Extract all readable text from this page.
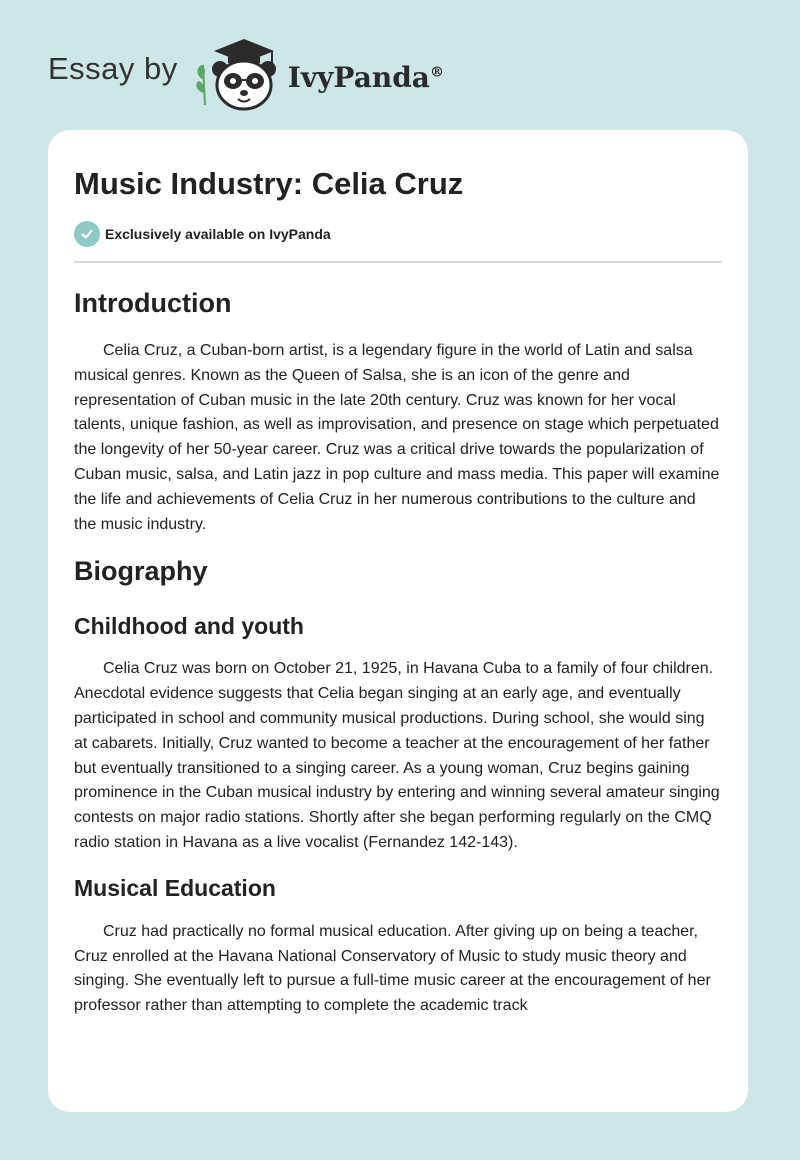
Essay by	IvyPanda®
Music Industry: Celia Cruz
Exclusively available on IvyPanda
Introduction

Celia Cruz, a Cuban-born artist, is a legendary figure in the world of Latin and salsa musical genres. Known as the Queen of Salsa, she is an icon of the genre and representation of Cuban music in the late 20th century. Cruz was known for her vocal talents, unique fashion, as well as improvisation, and presence on stage which perpetuated the longevity of her 50-year career. Cruz was a critical drive towards the popularization of Cuban music, salsa, and Latin jazz in pop culture and mass media. This paper will examine the life and achievements of Celia Cruz in her numerous contributions to the culture and the music industry.

Biography
Childhood and youth

Celia Cruz was born on October 21, 1925, in Havana Cuba to a family of four children. Anecdotal evidence suggests that Celia began singing at an early age, and eventually participated in school and community musical productions. During school, she would sing at cabarets. Initially, Cruz wanted to become a teacher at the encouragement of her father but eventually transitioned to a singing career. As a young woman, Cruz begins gaining prominence in the Cuban musical industry by entering and winning several amateur singing contests on major radio stations. Shortly after she began performing regularly on the CMQ radio station in Havana as a live vocalist (Fernandez 142-143).

Musical Education

Cruz had practically no formal musical education. After giving up on being a teacher, Cruz enrolled at the Havana National Conservatory of Music to study music theory and singing. She eventually left to pursue a full-time music career at the encouragement of her professor rather than attempting to complete the academic track
